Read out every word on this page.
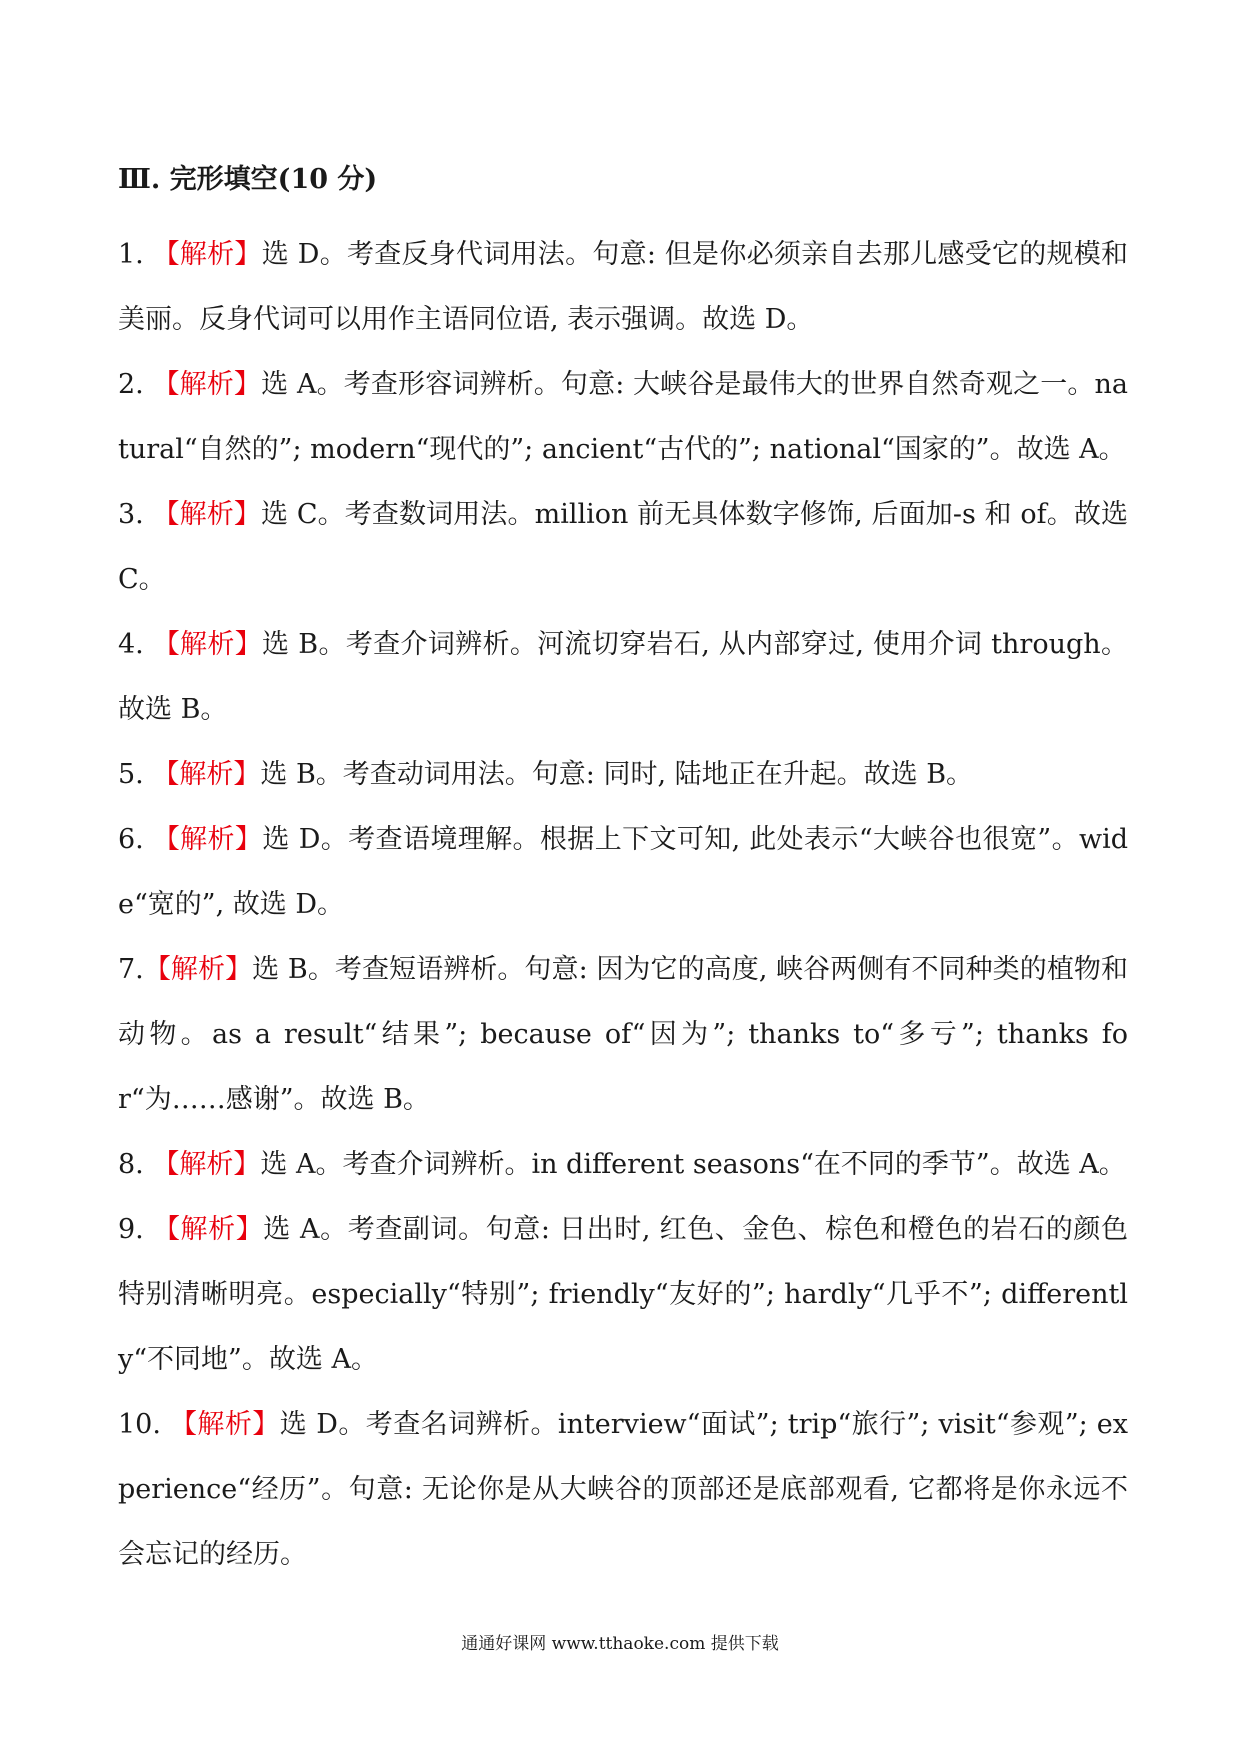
Ⅲ. 完形填空(10 分)

1. 【解析】选 D。考查反身代词用法。句意: 但是你必须亲自去那儿感受它的规模和美丽。反身代词可以用作主语同位语, 表示强调。故选 D。

2. 【解析】选 A。考查形容词辨析。句意: 大峡谷是最伟大的世界自然奇观之一。natural“自然的”; modern“现代的”; ancient“古代的”; national“国家的”。故选 A。

3. 【解析】选 C。考查数词用法。million 前无具体数字修饰, 后面加-s 和 of。故选 C。

4. 【解析】选 B。考查介词辨析。河流切穿岩石, 从内部穿过, 使用介词 through。故选 B。

5. 【解析】选 B。考查动词用法。句意: 同时, 陆地正在升起。故选 B。

6. 【解析】选 D。考查语境理解。根据上下文可知, 此处表示“大峡谷也很宽”。wide“宽的”, 故选 D。

7.【解析】选 B。考查短语辨析。句意: 因为它的高度, 峡谷两侧有不同种类的植物和动物。as a result“结果”; because of“因为”; thanks to“多亏”; thanks for“为……感谢”。故选 B。

8. 【解析】选 A。考查介词辨析。in different seasons“在不同的季节”。故选 A。

9. 【解析】选 A。考查副词。句意: 日出时, 红色、金色、棕色和橙色的岩石的颜色特别清晰明亮。especially“特别”; friendly“友好的”; hardly“几乎不”; differently“不同地”。故选 A。

10. 【解析】选 D。考查名词辨析。interview“面试”; trip“旅行”; visit“参观”; experience“经历”。句意: 无论你是从大峡谷的顶部还是底部观看, 它都将是你永远不会忘记的经历。

通通好课网 www.tthaoke.com 提供下载
